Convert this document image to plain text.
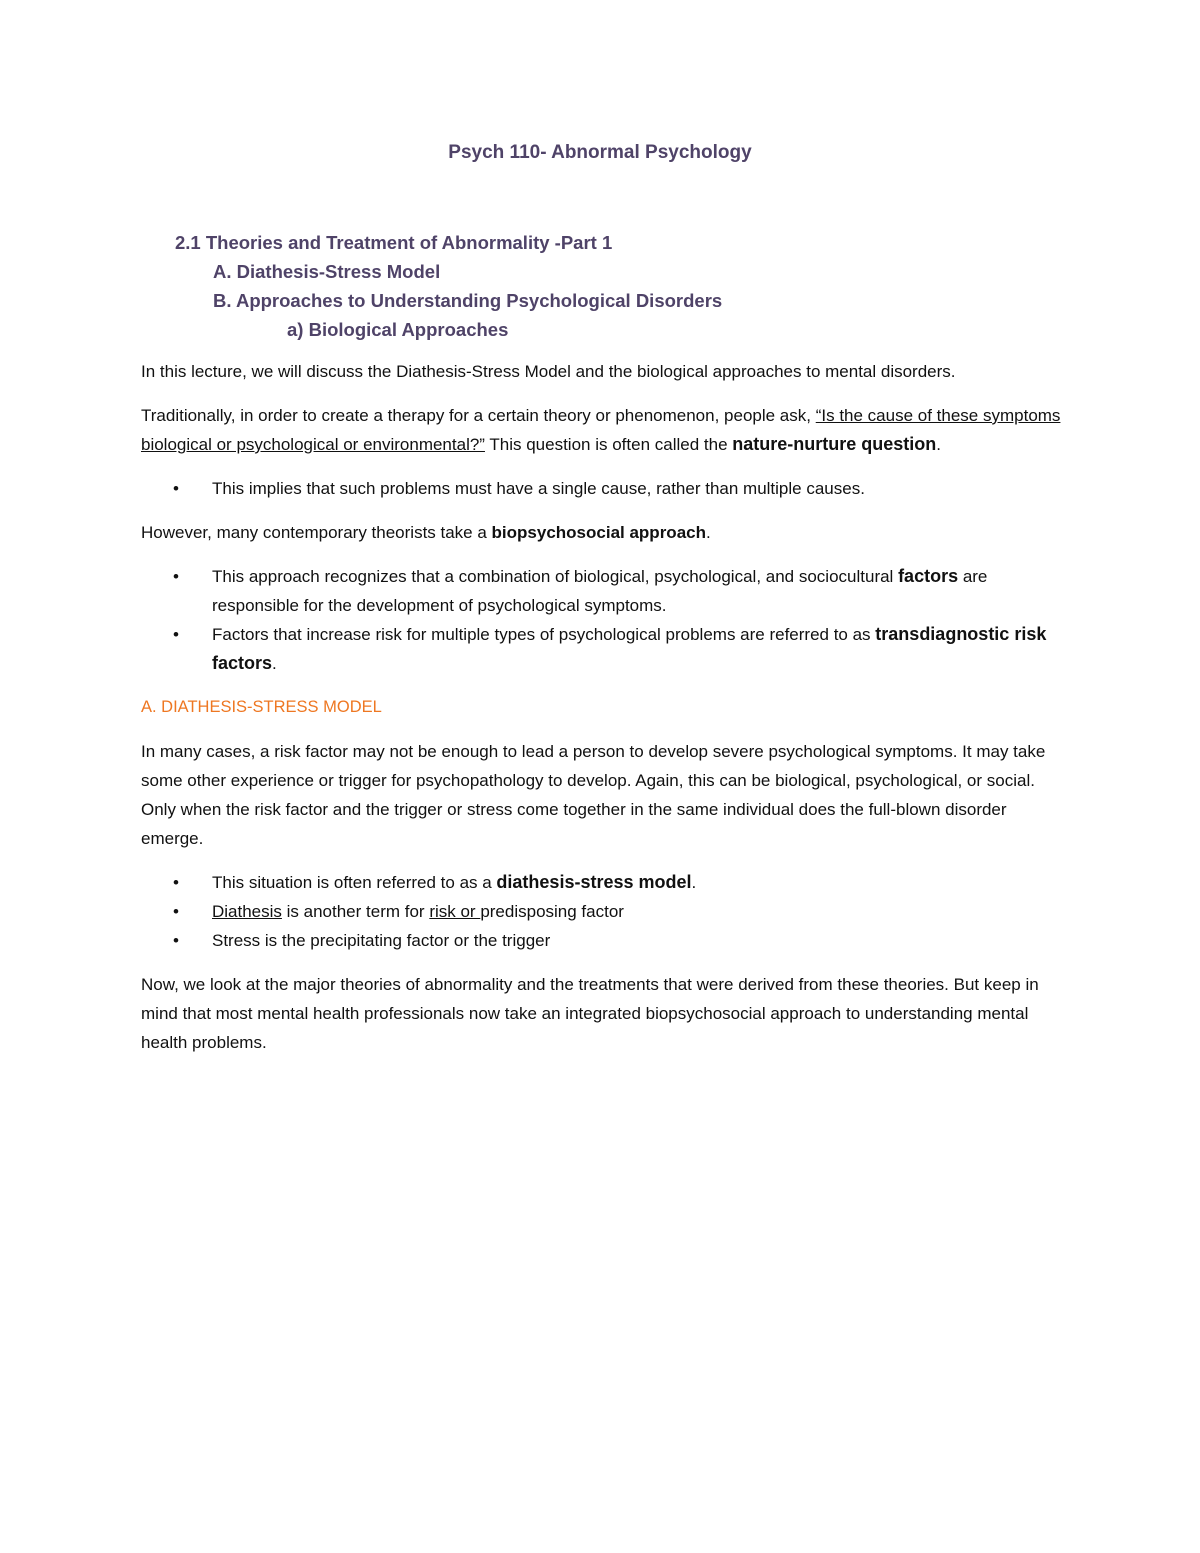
Psych 110- Abnormal Psychology
2.1 Theories and Treatment of Abnormality -Part 1
A. Diathesis-Stress Model
B. Approaches to Understanding Psychological Disorders
a) Biological Approaches

In this lecture, we will discuss the Diathesis-Stress Model and the biological approaches to mental disorders.

Traditionally, in order to create a therapy for a certain theory or phenomenon, people ask, “Is the cause of these symptoms biological or psychological or environmental?” This question is often called the nature-nurture question.

• This implies that such problems must have a single cause, rather than multiple causes.

However, many contemporary theorists take a biopsychosocial approach.

• This approach recognizes that a combination of biological, psychological, and sociocultural factors are responsible for the development of psychological symptoms.
• Factors that increase risk for multiple types of psychological problems are referred to as transdiagnostic risk factors.
A. DIATHESIS-STRESS MODEL

In many cases, a risk factor may not be enough to lead a person to develop severe psychological symptoms. It may take some other experience or trigger for psychopathology to develop. Again, this can be biological, psychological, or social. Only when the risk factor and the trigger or stress come together in the same individual does the full-blown disorder emerge.

• This situation is often referred to as a diathesis-stress model.
• Diathesis is another term for risk or predisposing factor
• Stress is the precipitating factor or the trigger

Now, we look at the major theories of abnormality and the treatments that were derived from these theories. But keep in mind that most mental health professionals now take an integrated biopsychosocial approach to understanding mental health problems.
